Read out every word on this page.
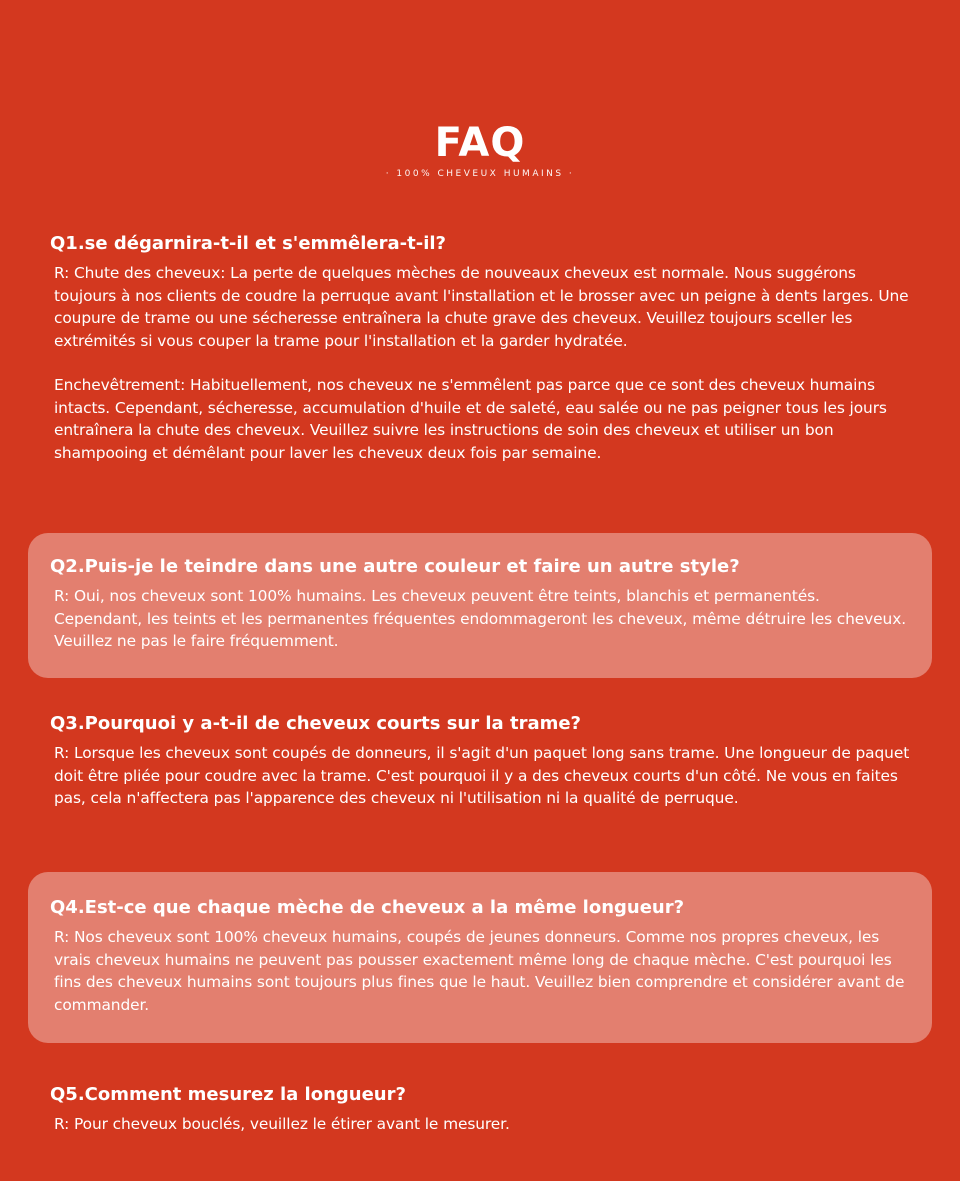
FAQ
· 100% CHEVEUX HUMAINS ·

Q1.se dégarnira-t-il et s'emmêlera-t-il?

R: Chute des cheveux: La perte de quelques mèches de nouveaux cheveux est normale. Nous suggérons toujours à nos clients de coudre la perruque avant l'installation et le brosser avec un peigne à dents larges. Une coupure de trame ou une sécheresse entraînera la chute grave des cheveux. Veuillez toujours sceller les extrémités si vous couper la trame pour l'installation et la garder hydratée.

Enchevêtrement: Habituellement, nos cheveux ne s'emmêlent pas parce que ce sont des cheveux humains intacts. Cependant, sécheresse, accumulation d'huile et de saleté, eau salée ou ne pas peigner tous les jours entraînera la chute des cheveux. Veuillez suivre les instructions de soin des cheveux et utiliser un bon shampooing et démêlant pour laver les cheveux deux fois par semaine.

Q2.Puis-je le teindre dans une autre couleur et faire un autre style?

R: Oui, nos cheveux sont 100% humains. Les cheveux peuvent être teints, blanchis et permanentés. Cependant, les teints et les permanentes fréquentes endommageront les cheveux, même détruire les cheveux. Veuillez ne pas le faire fréquemment.

Q3.Pourquoi y a-t-il de cheveux courts sur la trame?

R: Lorsque les cheveux sont coupés de donneurs, il s'agit d'un paquet long sans trame. Une longueur de paquet doit être pliée pour coudre avec la trame. C'est pourquoi il y a des cheveux courts d'un côté. Ne vous en faites pas, cela n'affectera pas l'apparence des cheveux ni l'utilisation ni la qualité de perruque.

Q4.Est-ce que chaque mèche de cheveux a la même longueur?

R: Nos cheveux sont 100% cheveux humains, coupés de jeunes donneurs. Comme nos propres cheveux, les vrais cheveux humains ne peuvent pas pousser exactement même long de chaque mèche. C'est pourquoi les fins des cheveux humains sont toujours plus fines que le haut. Veuillez bien comprendre et considérer avant de commander.

Q5.Comment mesurez la longueur?

R: Pour cheveux bouclés, veuillez le étirer avant le mesurer.
